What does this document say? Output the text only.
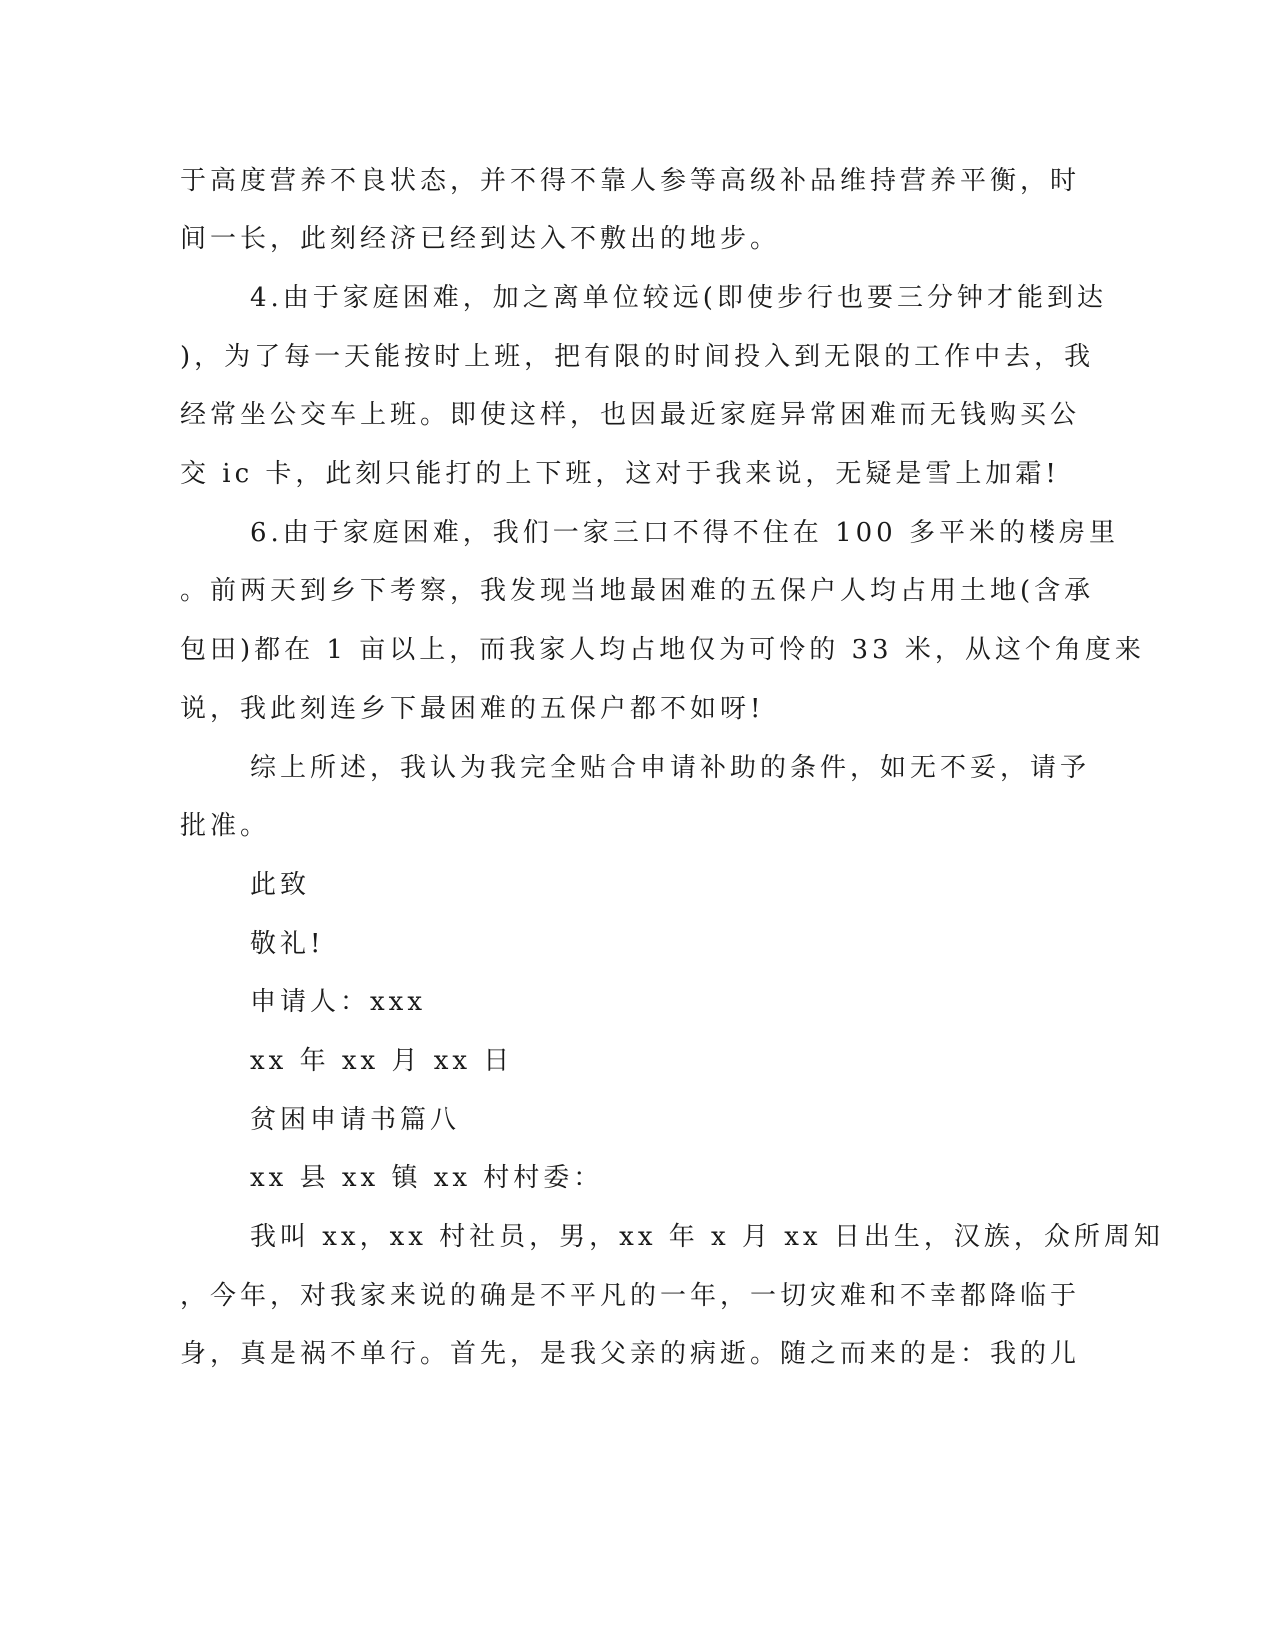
于高度营养不良状态，并不得不靠人参等高级补品维持营养平衡，时
间一长，此刻经济已经到达入不敷出的地步。
4.由于家庭困难，加之离单位较远(即使步行也要三分钟才能到达
)，为了每一天能按时上班，把有限的时间投入到无限的工作中去，我
经常坐公交车上班。即使这样，也因最近家庭异常困难而无钱购买公
交 ic 卡，此刻只能打的上下班，这对于我来说，无疑是雪上加霜!
6.由于家庭困难，我们一家三口不得不住在 100 多平米的楼房里
。前两天到乡下考察，我发现当地最困难的五保户人均占用土地(含承
包田)都在 1 亩以上，而我家人均占地仅为可怜的 33 米，从这个角度来
说，我此刻连乡下最困难的五保户都不如呀!
综上所述，我认为我完全贴合申请补助的条件，如无不妥，请予
批准。
此致
敬礼!
申请人：xxx
xx 年 xx 月 xx 日
贫困申请书篇八
xx 县 xx 镇 xx 村村委：
我叫 xx，xx 村社员，男，xx 年 x 月 xx 日出生，汉族，众所周知
，今年，对我家来说的确是不平凡的一年，一切灾难和不幸都降临于
身，真是祸不单行。首先，是我父亲的病逝。随之而来的是：我的儿
